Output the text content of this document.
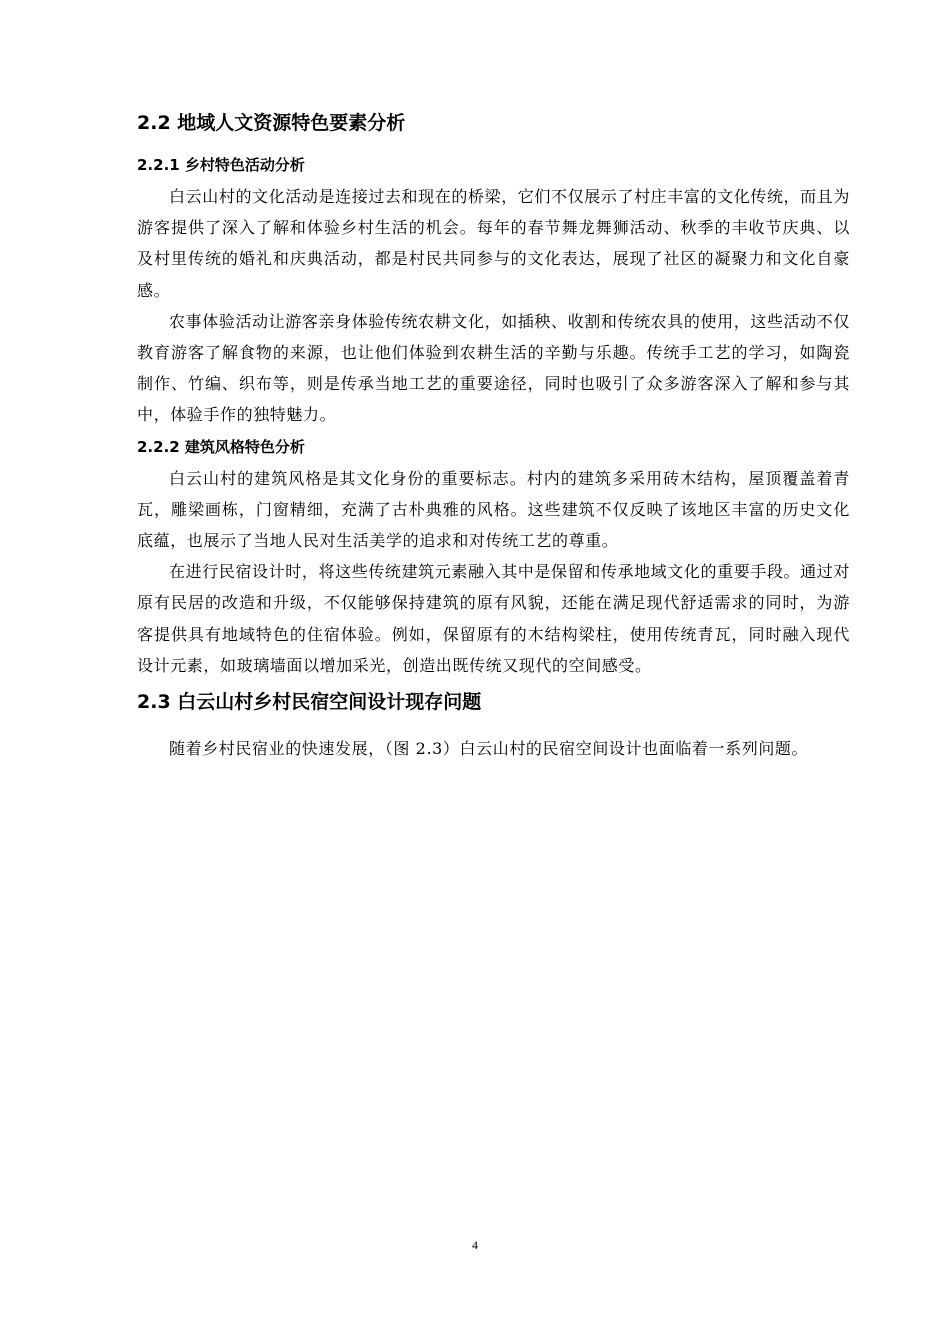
2.2 地域人文资源特色要素分析
2.2.1 乡村特色活动分析

白云山村的文化活动是连接过去和现在的桥梁，它们不仅展示了村庄丰富的文化传统，而且为游客提供了深入了解和体验乡村生活的机会。每年的春节舞龙舞狮活动、秋季的丰收节庆典、以及村里传统的婚礼和庆典活动，都是村民共同参与的文化表达，展现了社区的凝聚力和文化自豪感。

农事体验活动让游客亲身体验传统农耕文化，如插秧、收割和传统农具的使用，这些活动不仅教育游客了解食物的来源，也让他们体验到农耕生活的辛勤与乐趣。传统手工艺的学习，如陶瓷制作、竹编、织布等，则是传承当地工艺的重要途径，同时也吸引了众多游客深入了解和参与其中，体验手作的独特魅力。

2.2.2 建筑风格特色分析

白云山村的建筑风格是其文化身份的重要标志。村内的建筑多采用砖木结构，屋顶覆盖着青瓦，雕梁画栋，门窗精细，充满了古朴典雅的风格。这些建筑不仅反映了该地区丰富的历史文化底蕴，也展示了当地人民对生活美学的追求和对传统工艺的尊重。

在进行民宿设计时，将这些传统建筑元素融入其中是保留和传承地域文化的重要手段。通过对原有民居的改造和升级，不仅能够保持建筑的原有风貌，还能在满足现代舒适需求的同时，为游客提供具有地域特色的住宿体验。例如，保留原有的木结构梁柱，使用传统青瓦，同时融入现代设计元素，如玻璃墙面以增加采光，创造出既传统又现代的空间感受。

2.3 白云山村乡村民宿空间设计现存问题

随着乡村民宿业的快速发展，（图 2.3）白云山村的民宿空间设计也面临着一系列问题。

4
